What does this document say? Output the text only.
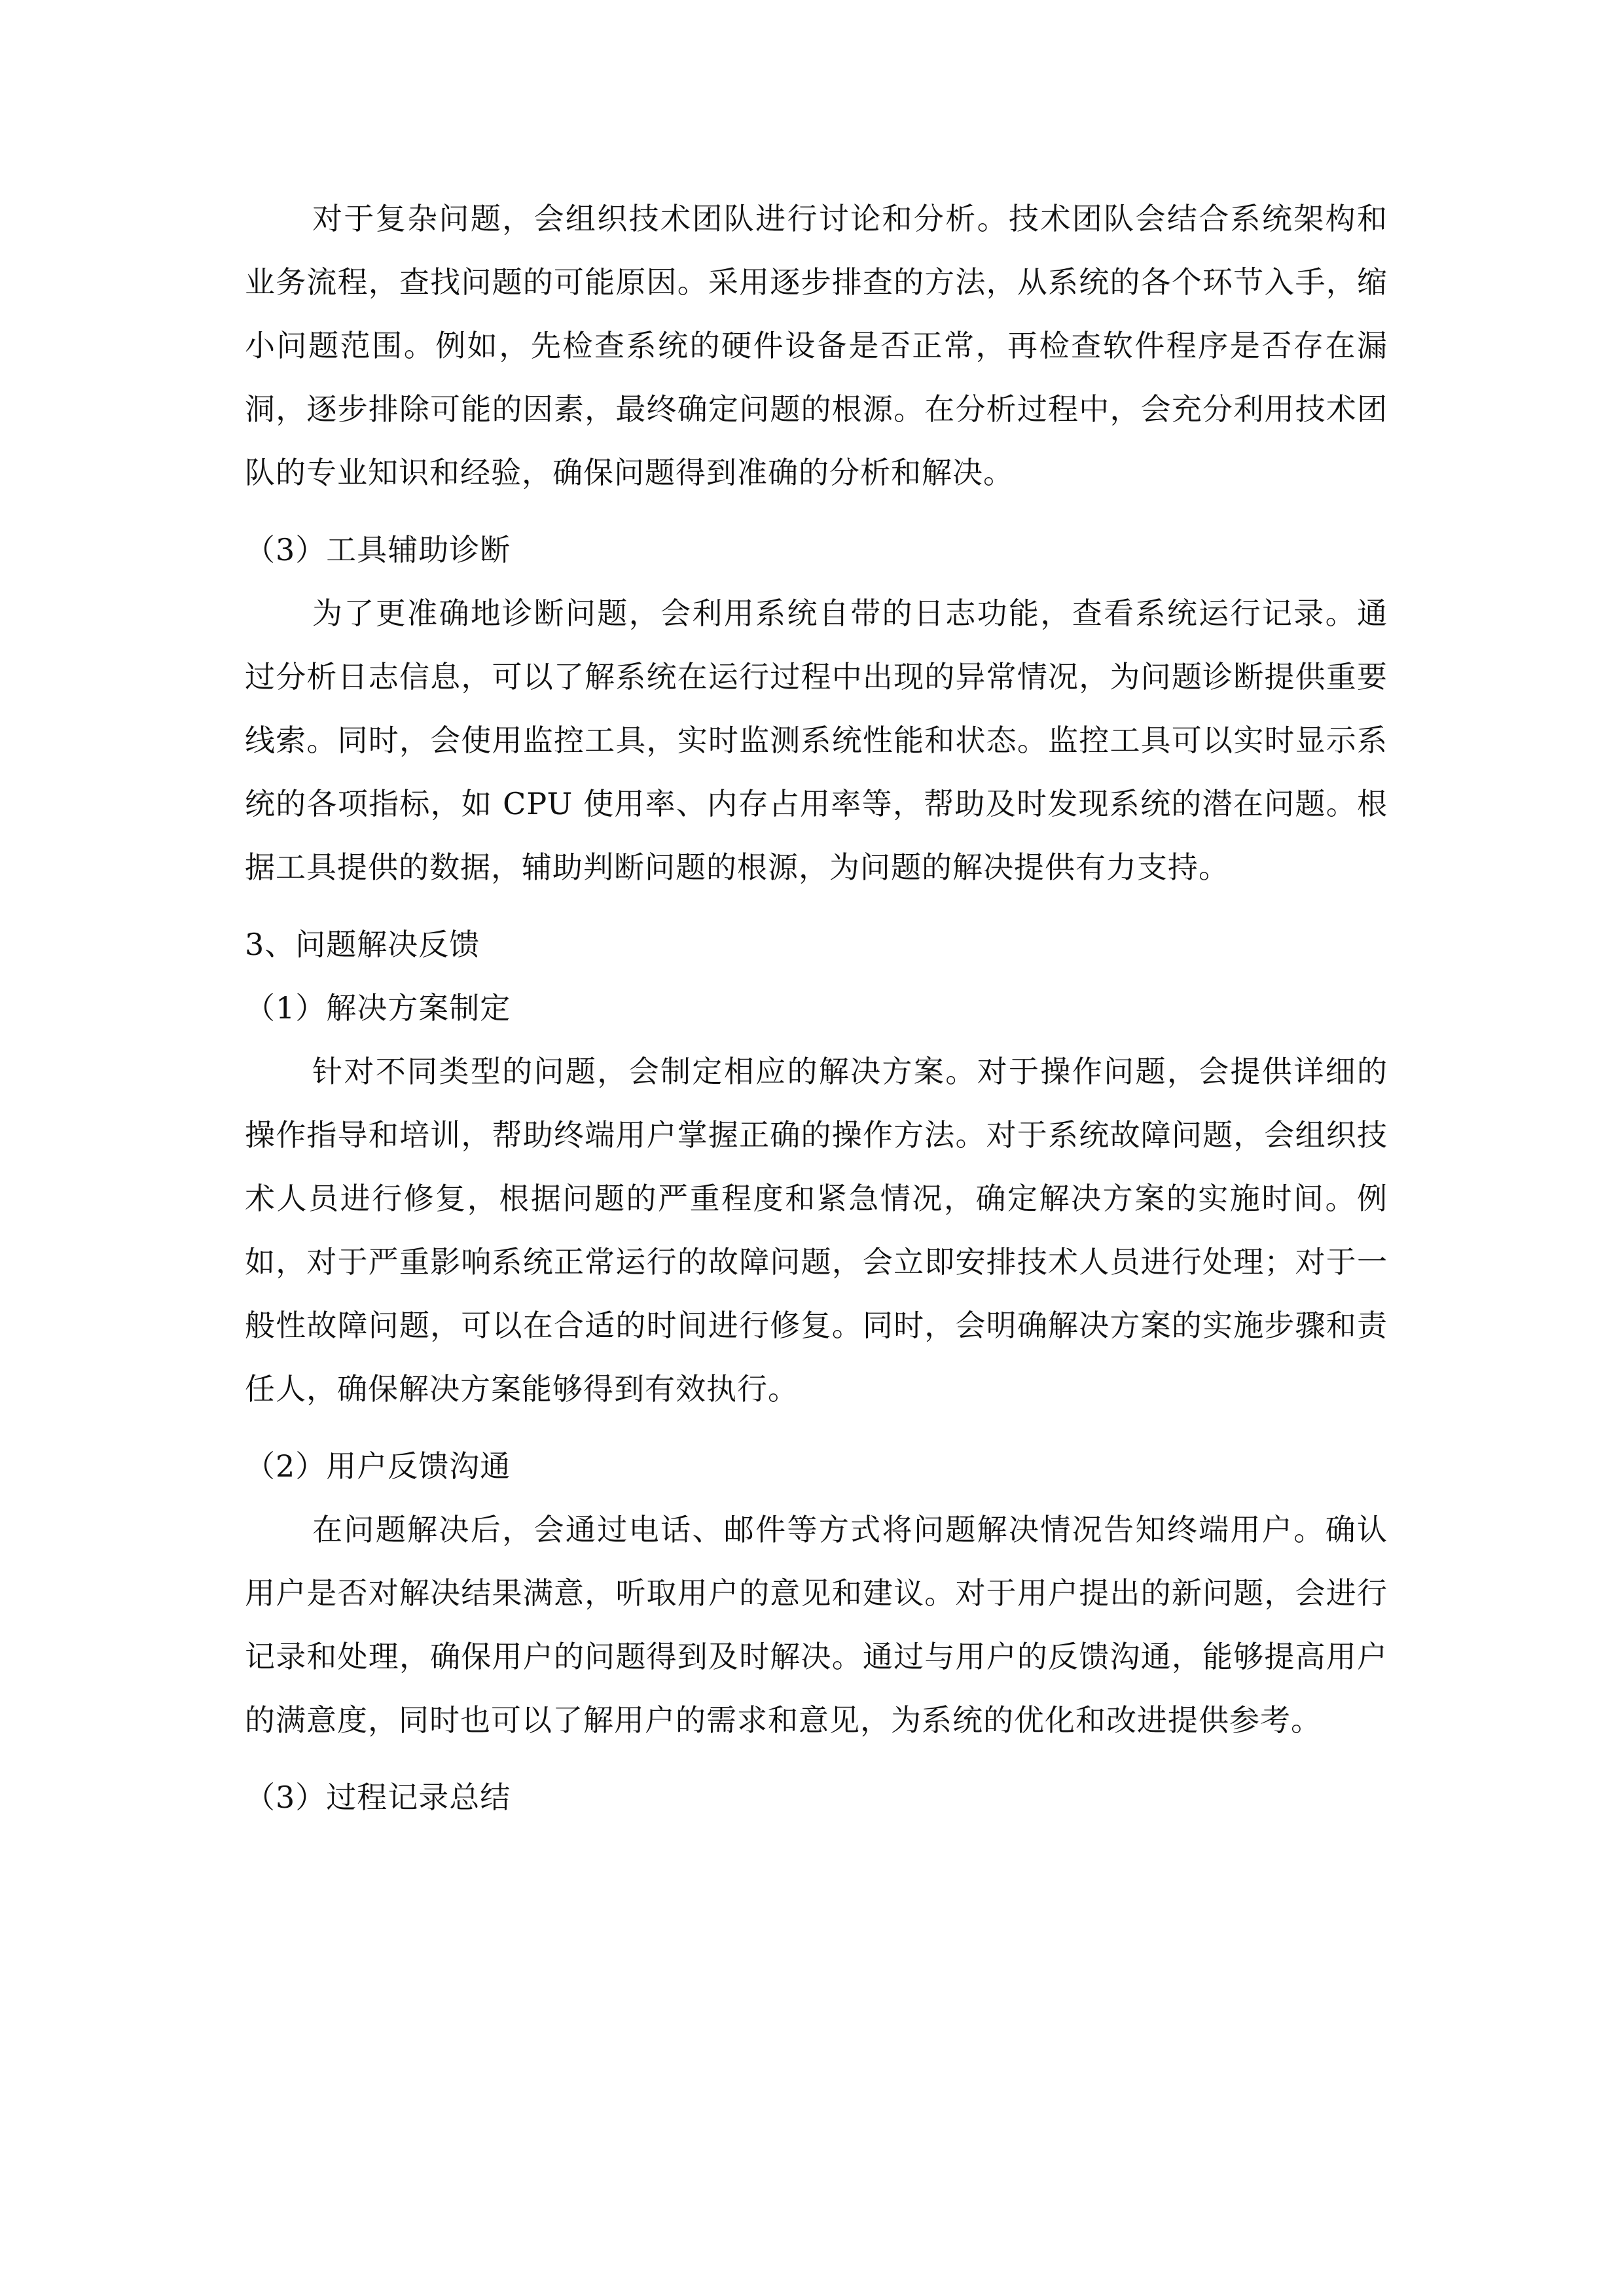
对于复杂问题，会组织技术团队进行讨论和分析。技术团队会结合系统架构和业务流程，查找问题的可能原因。采用逐步排查的方法，从系统的各个环节入手，缩小问题范围。例如，先检查系统的硬件设备是否正常，再检查软件程序是否存在漏洞，逐步排除可能的因素，最终确定问题的根源。在分析过程中，会充分利用技术团队的专业知识和经验，确保问题得到准确的分析和解决。

（3）工具辅助诊断

为了更准确地诊断问题，会利用系统自带的日志功能，查看系统运行记录。通过分析日志信息，可以了解系统在运行过程中出现的异常情况，为问题诊断提供重要线索。同时，会使用监控工具，实时监测系统性能和状态。监控工具可以实时显示系统的各项指标，如 CPU 使用率、内存占用率等，帮助及时发现系统的潜在问题。根据工具提供的数据，辅助判断问题的根源，为问题的解决提供有力支持。

3、问题解决反馈

（1）解决方案制定

针对不同类型的问题，会制定相应的解决方案。对于操作问题，会提供详细的操作指导和培训，帮助终端用户掌握正确的操作方法。对于系统故障问题，会组织技术人员进行修复，根据问题的严重程度和紧急情况，确定解决方案的实施时间。例如，对于严重影响系统正常运行的故障问题，会立即安排技术人员进行处理；对于一般性故障问题，可以在合适的时间进行修复。同时，会明确解决方案的实施步骤和责任人，确保解决方案能够得到有效执行。

（2）用户反馈沟通

在问题解决后，会通过电话、邮件等方式将问题解决情况告知终端用户。确认用户是否对解决结果满意，听取用户的意见和建议。对于用户提出的新问题，会进行记录和处理，确保用户的问题得到及时解决。通过与用户的反馈沟通，能够提高用户的满意度，同时也可以了解用户的需求和意见，为系统的优化和改进提供参考。

（3）过程记录总结
